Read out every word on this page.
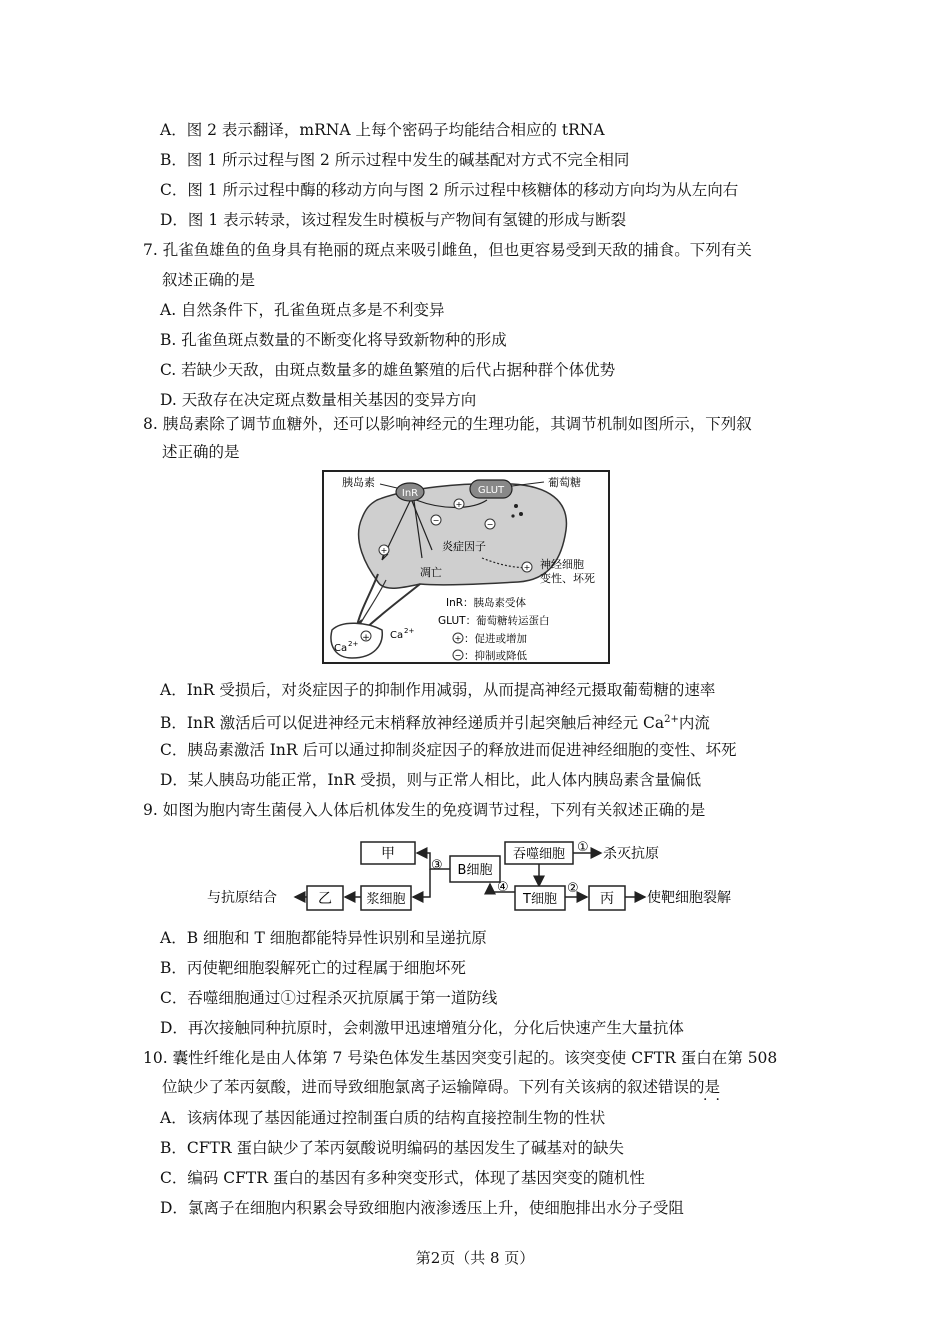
A．图 2 表示翻译，mRNA 上每个密码子均能结合相应的 tRNA
B．图 1 所示过程与图 2 所示过程中发生的碱基配对方式不完全相同
C．图 1 所示过程中酶的移动方向与图 2 所示过程中核糖体的移动方向均为从左向右
D．图 1 表示转录，该过程发生时模板与产物间有氢键的形成与断裂
7. 孔雀鱼雄鱼的鱼身具有艳丽的斑点来吸引雌鱼，但也更容易受到天敌的捕食。下列有关
叙述正确的是
A. 自然条件下，孔雀鱼斑点多是不利变异
B. 孔雀鱼斑点数量的不断变化将导致新物种的形成
C. 若缺少天敌，由斑点数量多的雄鱼繁殖的后代占据种群个体优势
D. 天敌存在决定斑点数量相关基因的变异方向
8. 胰岛素除了调节血糖外，还可以影响神经元的生理功能，其调节机制如图所示，下列叙
述正确的是
+
Ca 2+
Ca 2+
InR
胰岛素
GLUT
葡萄糖
+
−	−
+	炎症因子
凋亡	+ 神经细胞
变性、坏死
InR：胰岛素受体
GLUT：葡萄糖转运蛋白
+ ：促进或增加
− ：抑制或降低
A．InR 受损后，对炎症因子的抑制作用减弱，从而提高神经元摄取葡萄糖的速率
B．InR 激活后可以促进神经元末梢释放神经递质并引起突触后神经元 $Ca^{2+}$内流
C．胰岛素激活 InR 后可以通过抑制炎症因子的释放进而促进神经细胞的变性、坏死
D．某人胰岛功能正常，InR 受损，则与正常人相比，此人体内胰岛素含量偏低
9. 如图为胞内寄生菌侵入人体后机体发生的免疫调节过程，下列有关叙述正确的是
甲
B细胞
吞噬细胞 ① 杀灭抗原
与抗原结合	乙	浆细胞
③
T细胞
④	②
丙 使靶细胞裂解
A．B 细胞和 T 细胞都能特异性识别和呈递抗原
B．丙使靶细胞裂解死亡的过程属于细胞坏死
C．吞噬细胞通过①过程杀灭抗原属于第一道防线
D．再次接触同种抗原时，会刺激甲迅速增殖分化，分化后快速产生大量抗体
10. 囊性纤维化是由人体第 7 号染色体发生基因突变引起的。该突变使 CFTR 蛋白在第 508
位缺少了苯丙氨酸，进而导致细胞氯离子运输障碍。下列有关该病的叙述错误的是
··
A．该病体现了基因能通过控制蛋白质的结构直接控制生物的性状
B．CFTR 蛋白缺少了苯丙氨酸说明编码的基因发生了碱基对的缺失
C．编码 CFTR 蛋白的基因有多种突变形式，体现了基因突变的随机性
D．氯离子在细胞内积累会导致细胞内液渗透压上升，使细胞排出水分子受阻
第2页（共 8 页）
